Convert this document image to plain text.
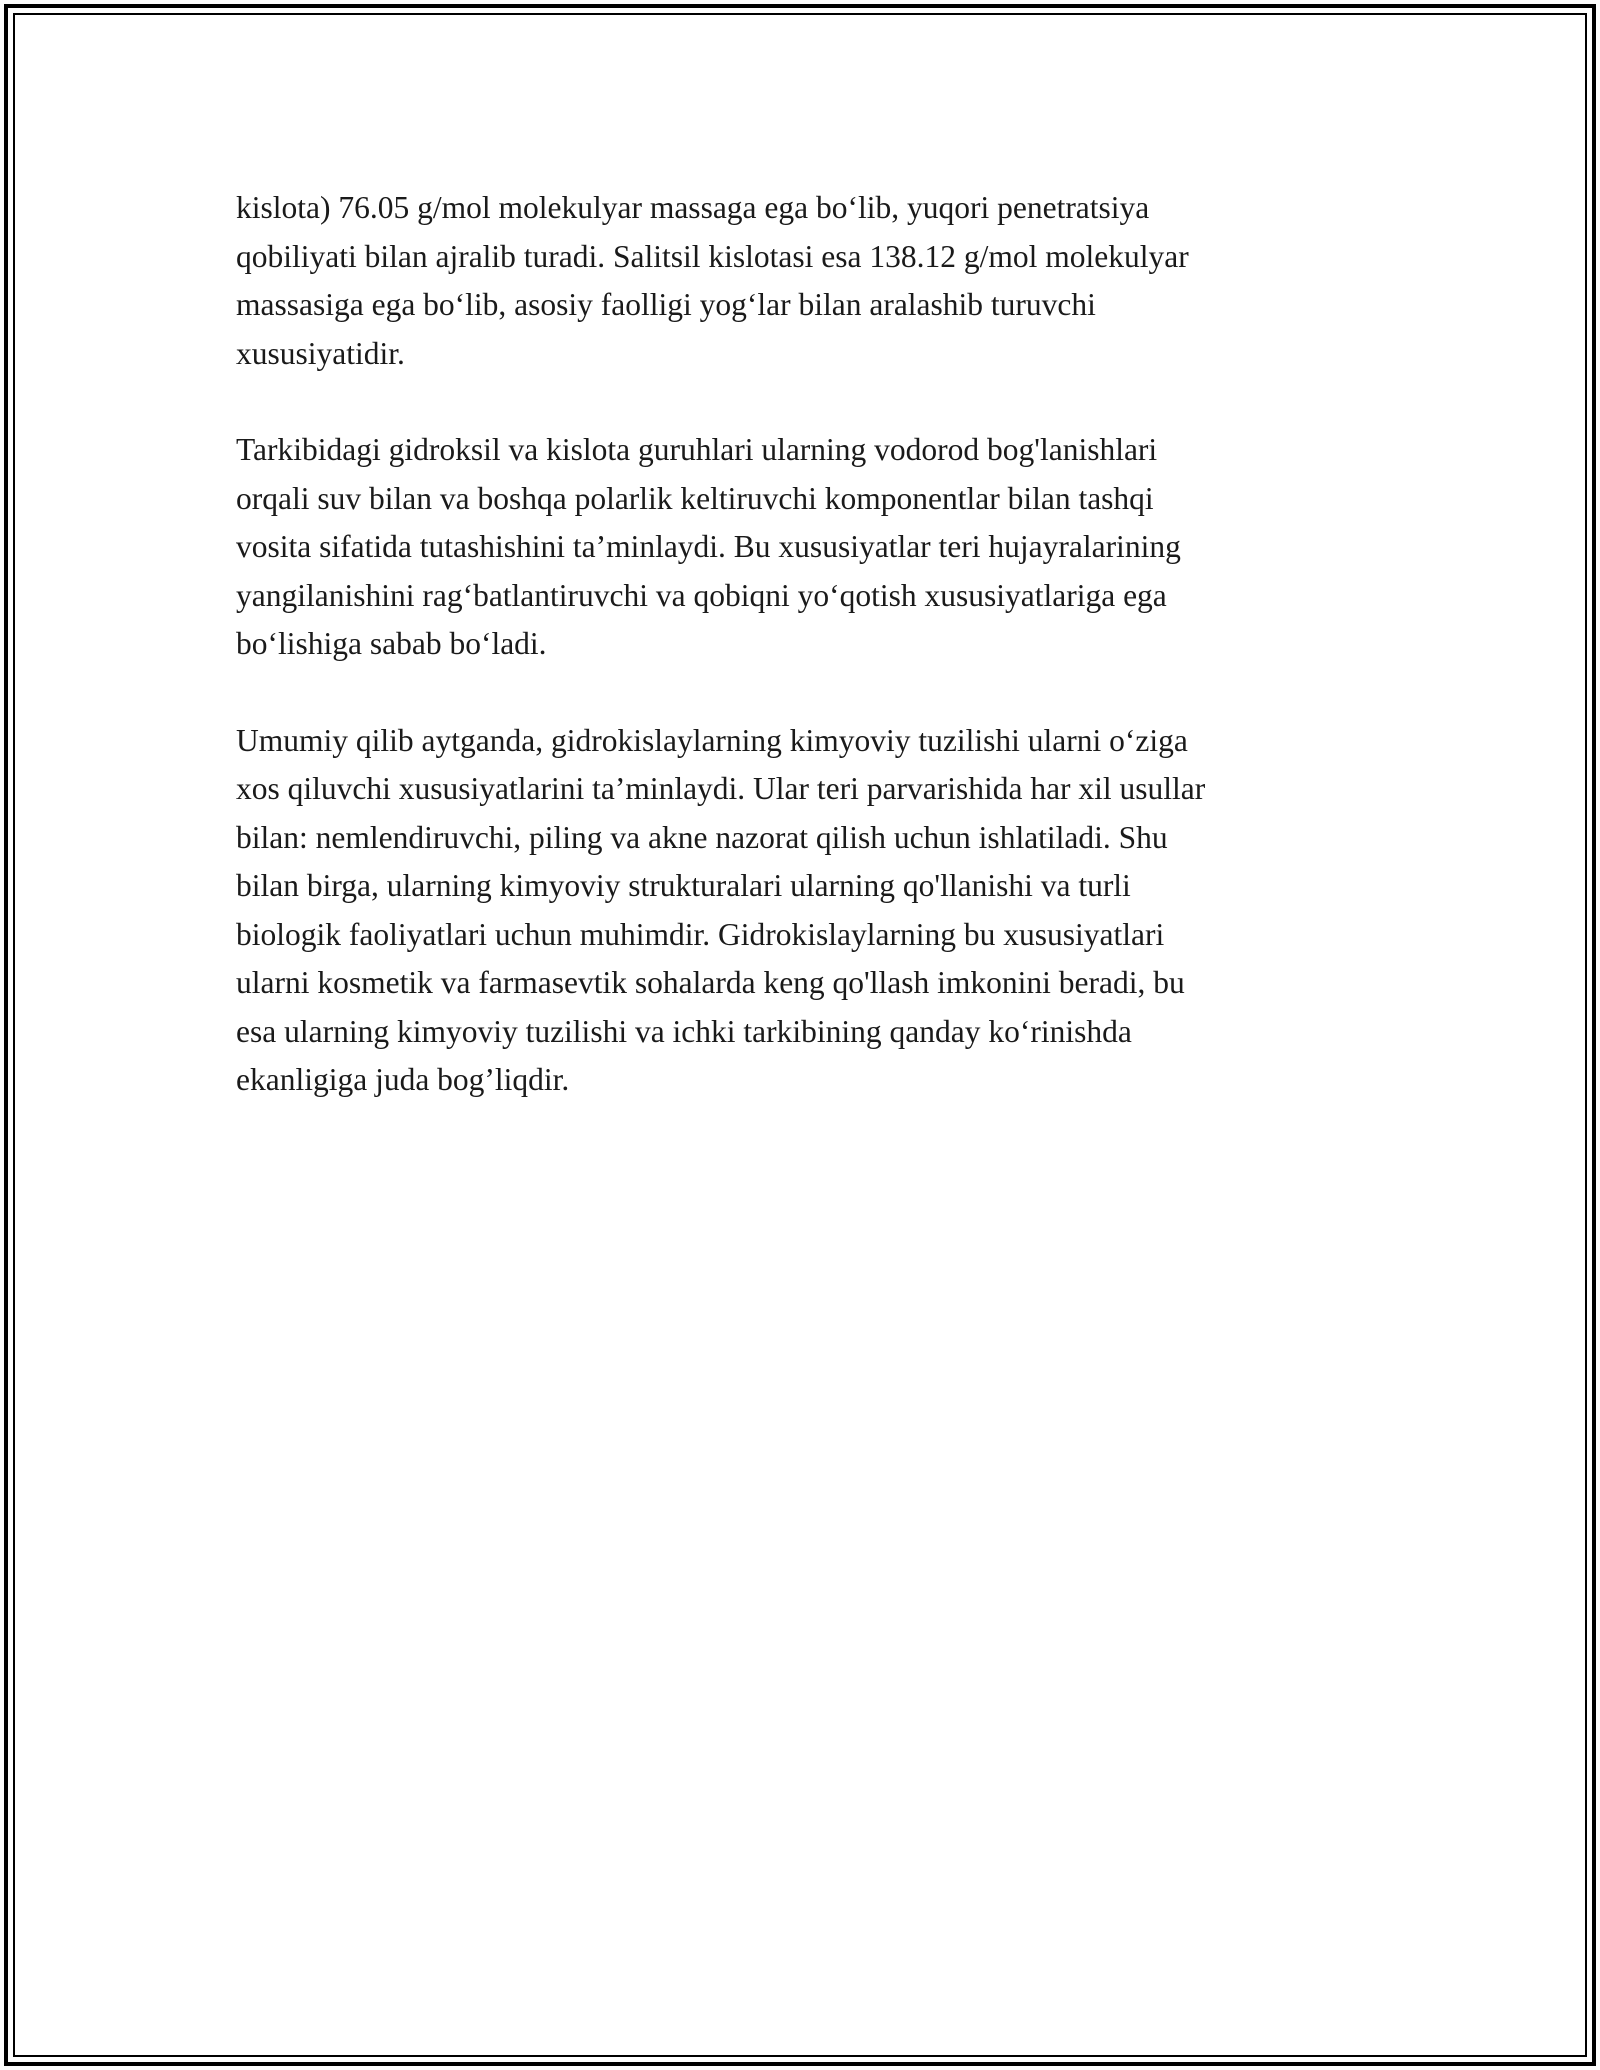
kislota) 76.05 g/mol molekulyar massaga ega bo‘lib, yuqori penetratsiya
qobiliyati bilan ajralib turadi. Salitsil kislotasi esa 138.12 g/mol molekulyar
massasiga ega bo‘lib, asosiy faolligi yog‘lar bilan aralashib turuvchi
xususiyatidir.

Tarkibidagi gidroksil va kislota guruhlari ularning vodorod bog'lanishlari
orqali suv bilan va boshqa polarlik keltiruvchi komponentlar bilan tashqi
vosita sifatida tutashishini ta’minlaydi. Bu xususiyatlar teri hujayralarining
yangilanishini rag‘batlantiruvchi va qobiqni yo‘qotish xususiyatlariga ega
bo‘lishiga sabab bo‘ladi.

Umumiy qilib aytganda, gidrokislaylarning kimyoviy tuzilishi ularni o‘ziga
xos qiluvchi xususiyatlarini ta’minlaydi. Ular teri parvarishida har xil usullar
bilan: nemlendiruvchi, piling va akne nazorat qilish uchun ishlatiladi. Shu
bilan birga, ularning kimyoviy strukturalari ularning qo'llanishi va turli
biologik faoliyatlari uchun muhimdir. Gidrokislaylarning bu xususiyatlari
ularni kosmetik va farmasevtik sohalarda keng qo'llash imkonini beradi, bu
esa ularning kimyoviy tuzilishi va ichki tarkibining qanday ko‘rinishda
ekanligiga juda bog’liqdir.
